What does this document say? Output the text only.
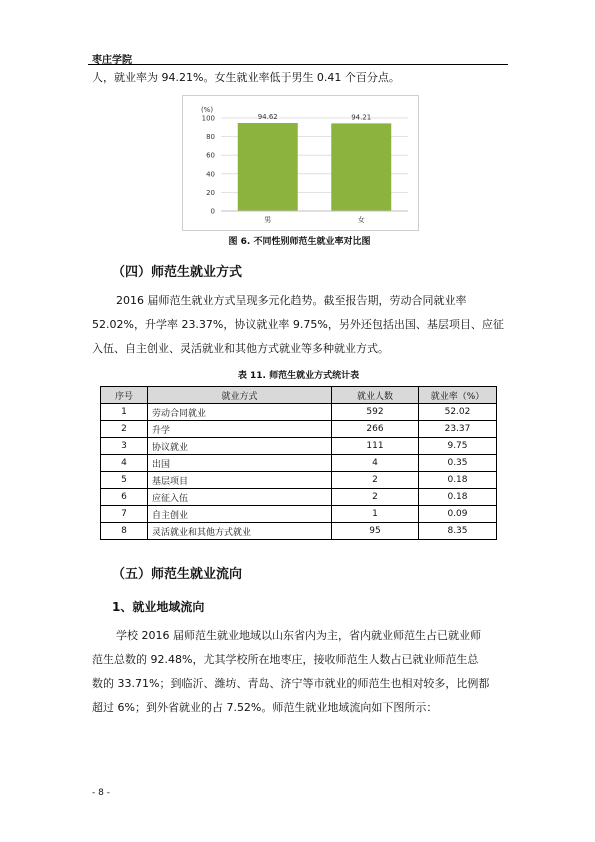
枣庄学院
人，就业率为 94.21%。女生就业率低于男生 0.41 个百分点。
(%)
0
20
40
60
80
100	94.62
男
94.21
女
图 6. 不同性别师范生就业率对比图
（四）师范生就业方式
2016 届师范生就业方式呈现多元化趋势。截至报告期，劳动合同就业率
52.02%，升学率 23.37%，协议就业率 9.75%，另外还包括出国、基层项目、应征
入伍、自主创业、灵活就业和其他方式就业等多种就业方式。
表 11. 师范生就业方式统计表
序号	就业方式	就业人数	就业率（%）
1	劳动合同就业	592	52.02
2	升学	266	23.37
3	协议就业	111	9.75
4	出国	4	0.35
5	基层项目	2	0.18
6	应征入伍	2	0.18
7	自主创业	1	0.09
8	灵活就业和其他方式就业	95	8.35
（五）师范生就业流向
1、就业地域流向
学校 2016 届师范生就业地域以山东省内为主，省内就业师范生占已就业师
范生总数的 92.48%，尤其学校所在地枣庄，接收师范生人数占已就业师范生总
数的 33.71%；到临沂、潍坊、青岛、济宁等市就业的师范生也相对较多，比例都
超过 6%；到外省就业的占 7.52%。师范生就业地域流向如下图所示：
- 8 -
